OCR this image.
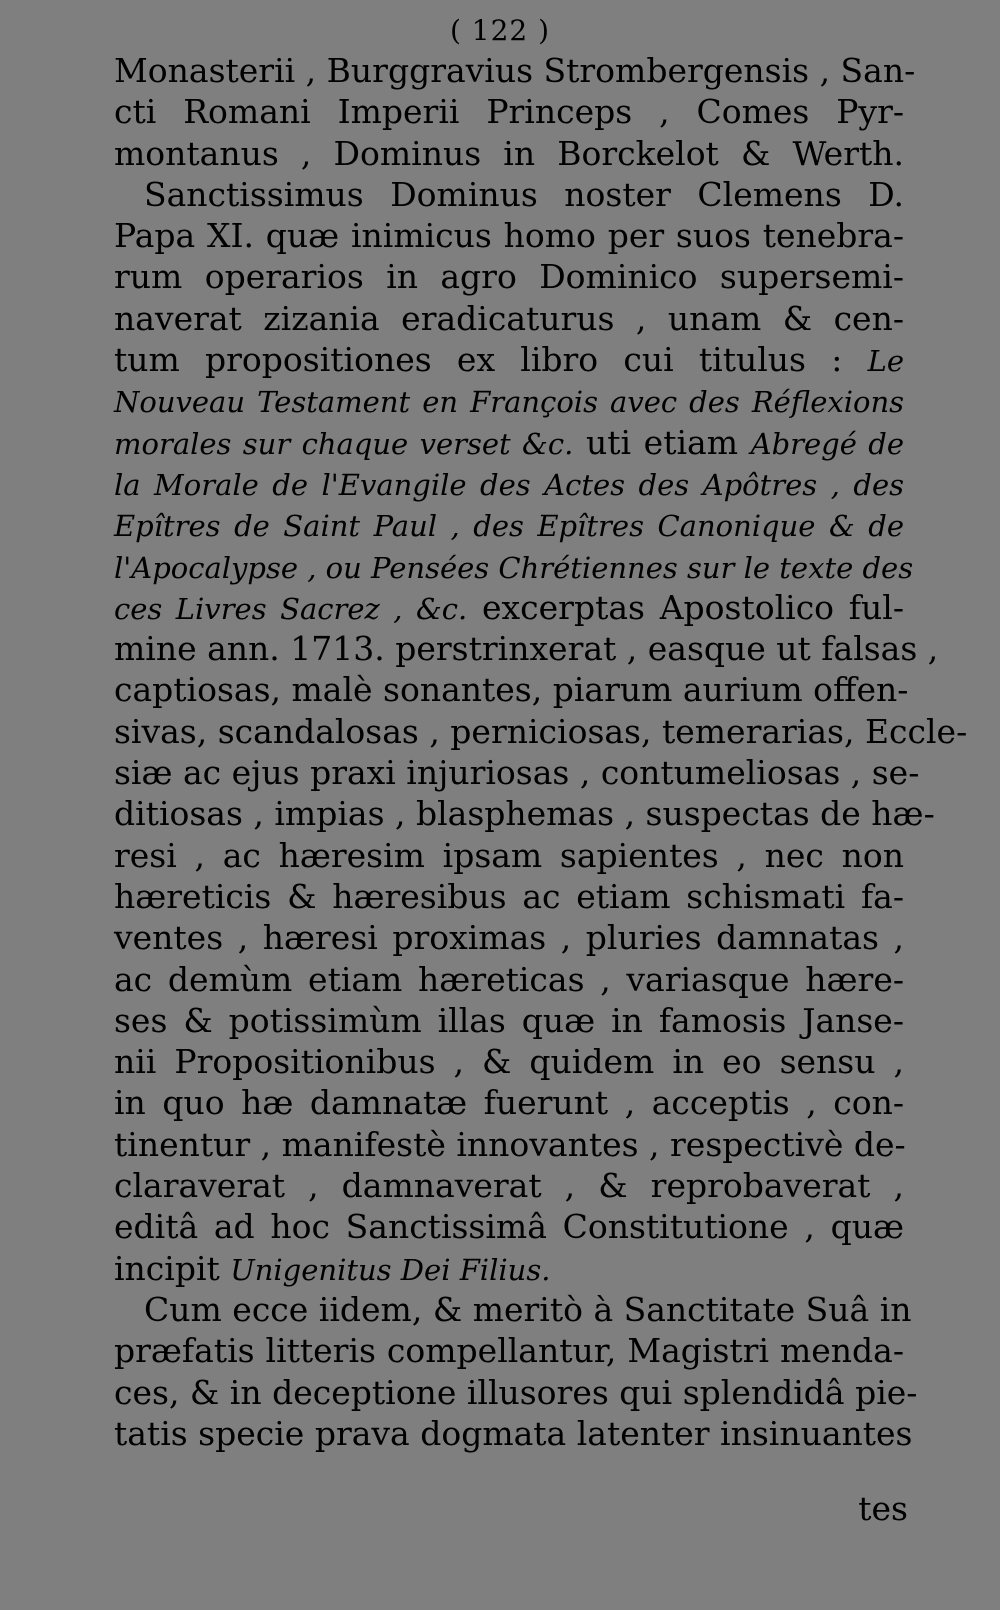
( 122 )
Monasterii , Burggravius Strombergensis , San-
cti Romani Imperii Princeps , Comes Pyr-
montanus , Dominus in Borckelot & Werth.
Sanctissimus Dominus noster Clemens D.
Papa XI. quæ inimicus homo per suos tenebra-
rum operarios in agro Dominico supersemi-
naverat zizania eradicaturus , unam & cen-
tum propositiones ex libro cui titulus : Le
Nouveau Testament en François avec des Réflexions
morales sur chaque verset &c. uti etiam Abregé de
la Morale de l'Evangile des Actes des Apôtres , des
Epîtres de Saint Paul , des Epîtres Canonique & de
l'Apocalypse , ou Pensées Chrétiennes sur le texte des
ces Livres Sacrez , &c. excerptas Apostolico ful-
mine ann. 1713. perstrinxerat , easque ut falsas ,
captiosas, malè sonantes, piarum aurium offen-
sivas, scandalosas , perniciosas, temerarias, Eccle-
siæ ac ejus praxi injuriosas , contumeliosas , se-
ditiosas , impias , blasphemas , suspectas de hæ-
resi , ac hæresim ipsam sapientes , nec non
hæreticis & hæresibus ac etiam schismati fa-
ventes , hæresi proximas , pluries damnatas ,
ac demùm etiam hæreticas , variasque hære-
ses & potissimùm illas quæ in famosis Janse-
nii Propositionibus , & quidem in eo sensu ,
in quo hæ damnatæ fuerunt , acceptis , con-
tinentur , manifestè innovantes , respectivè de-
claraverat , damnaverat , & reprobaverat ,
editâ ad hoc Sanctissimâ Constitutione , quæ
incipit Unigenitus Dei Filius.
Cum ecce iidem, & meritò à Sanctitate Suâ in
præfatis litteris compellantur, Magistri menda-
ces, & in deceptione illusores qui splendidâ pie-
tatis specie prava dogmata latenter insinuantes
tes
